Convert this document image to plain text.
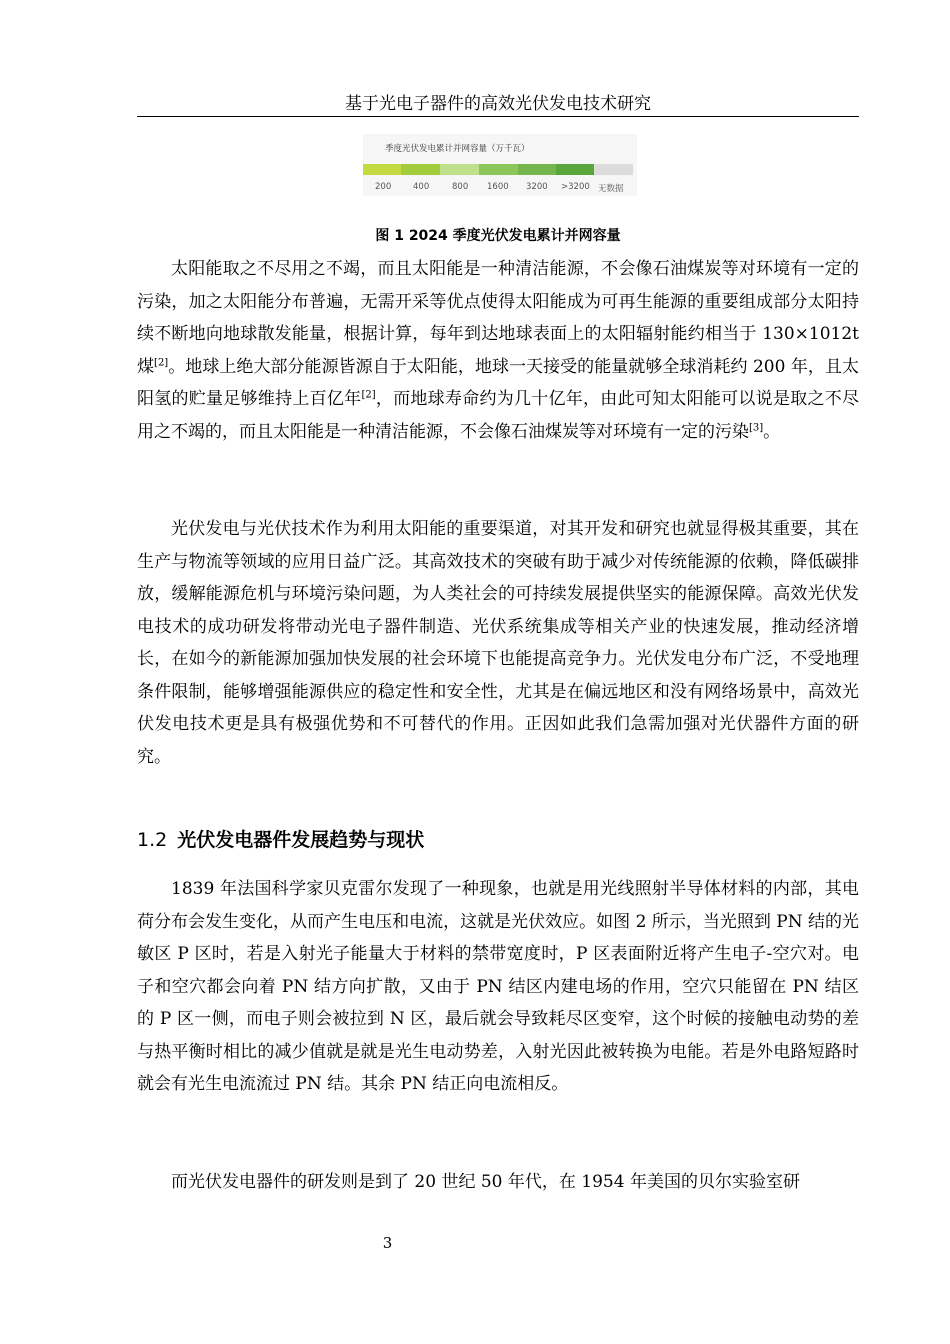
基于光电子器件的高效光伏发电技术研究
季度光伏发电累计并网容量（万千瓦）
200	400	800 1600 3200 >3200 无数据
图 1 2024 季度光伏发电累计并网容量

太阳能取之不尽用之不竭，而且太阳能是一种清洁能源，不会像石油煤炭等对环境有一定的污染，加之太阳能分布普遍，无需开采等优点使得太阳能成为可再生能源的重要组成部分太阳持续不断地向地球散发能量，根据计算，每年到达地球表面上的太阳辐射能约相当于 130×1012t 煤[2]。地球上绝大部分能源皆源自于太阳能，地球一天接受的能量就够全球消耗约 200 年，且太阳氢的贮量足够维持上百亿年[2]，而地球寿命约为几十亿年，由此可知太阳能可以说是取之不尽用之不竭的，而且太阳能是一种清洁能源，不会像石油煤炭等对环境有一定的污染[3]。

光伏发电与光伏技术作为利用太阳能的重要渠道，对其开发和研究也就显得极其重要，其在生产与物流等领域的应用日益广泛。其高效技术的突破有助于减少对传统能源的依赖，降低碳排放，缓解能源危机与环境污染问题，为人类社会的可持续发展提供坚实的能源保障。高效光伏发电技术的成功研发将带动光电子器件制造、光伏系统集成等相关产业的快速发展，推动经济增长，在如今的新能源加强加快发展的社会环境下也能提高竞争力。光伏发电分布广泛，不受地理条件限制，能够增强能源供应的稳定性和安全性，尤其是在偏远地区和没有网络场景中，高效光伏发电技术更是具有极强优势和不可替代的作用。正因如此我们急需加强对光伏器件方面的研究。

1.2 光伏发电器件发展趋势与现状

1839 年法国科学家贝克雷尔发现了一种现象，也就是用光线照射半导体材料的内部，其电荷分布会发生变化，从而产生电压和电流，这就是光伏效应。如图 2 所示，当光照到 PN 结的光敏区 P 区时，若是入射光子能量大于材料的禁带宽度时，P 区表面附近将产生电子-空穴对。电子和空穴都会向着 PN 结方向扩散，又由于 PN 结区内建电场的作用，空穴只能留在 PN 结区的 P 区一侧，而电子则会被拉到 N 区，最后就会导致耗尽区变窄，这个时候的接触电动势的差与热平衡时相比的减少值就是就是光生电动势差，入射光因此被转换为电能。若是外电路短路时就会有光生电流流过 PN 结。其余 PN 结正向电流相反。

而光伏发电器件的研发则是到了 20 世纪 50 年代，在 1954 年美国的贝尔实验室研

3
